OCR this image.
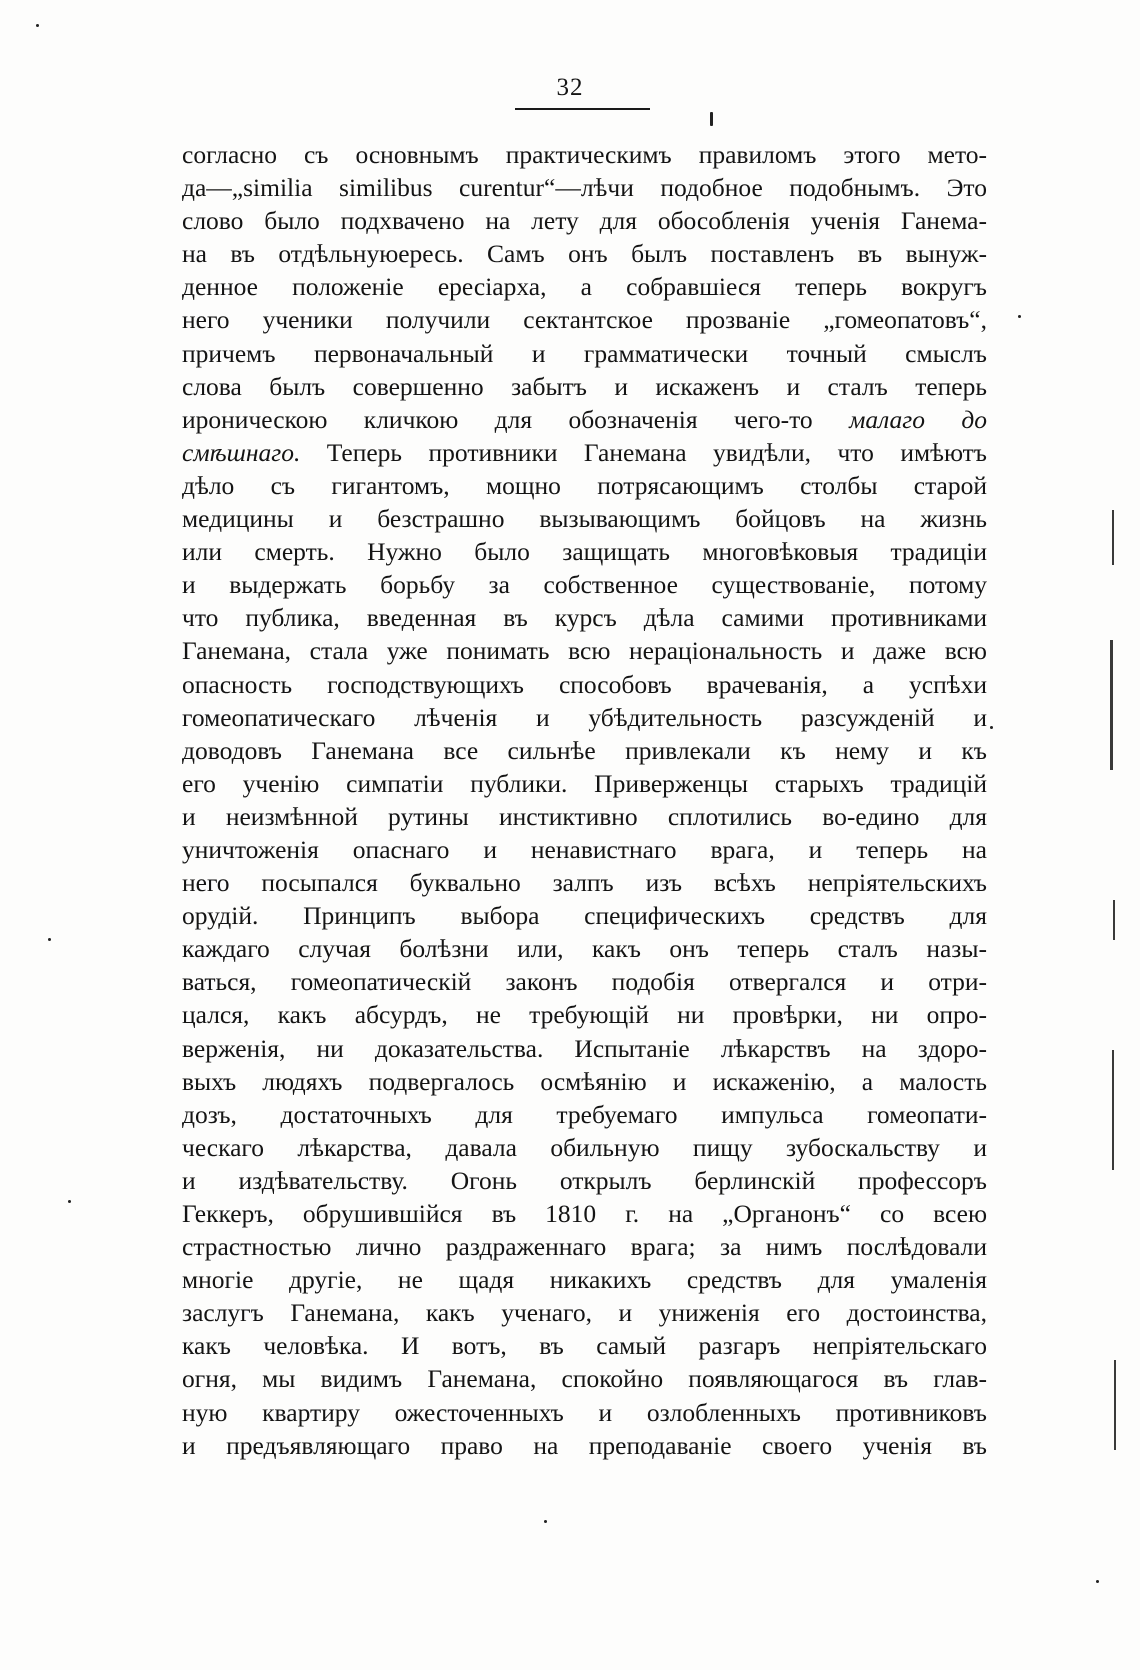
32
согласно съ основнымъ практическимъ правиломъ этого мето-
да—„similia similibus curentur“—лѣчи подобное подобнымъ. Это
слово было подхвачено на лету для обособленія ученія Ганема-
на въ отдѣльнуюересь. Самъ онъ былъ поставленъ въ вынуж-
денное положеніе ересіарха, а собравшіеся теперь вокругъ
него ученики получили сектантское прозваніе „гомеопатовъ“,
причемъ первоначальный и грамматически точный смыслъ
слова былъ совершенно забытъ и искаженъ и сталъ теперь
ироническою кличкою для обозначенія чего-то малаго до
смѣшнаго. Теперь противники Ганемана увидѣли, что имѣютъ
дѣло съ гигантомъ, мощно потрясающимъ столбы старой
медицины и безстрашно вызывающимъ бойцовъ на жизнь
или смерть. Нужно было защищать многовѣковыя традиціи
и выдержать борьбу за собственное существованіе, потому
что публика, введенная въ курсъ дѣла самими противниками
Ганемана, стала уже понимать всю нераціональность и даже всю
опасность господствующихъ способовъ врачеванія, а успѣхи
гомеопатическаго лѣченія и убѣдительность разсужденій и
доводовъ Ганемана все сильнѣе привлекали къ нему и къ
его ученію симпатіи публики. Приверженцы старыхъ традицій
и неизмѣнной рутины инстиктивно сплотились во-едино для
уничтоженія опаснаго и ненавистнаго врага, и теперь на
него посыпался буквально залпъ изъ всѣхъ непріятельскихъ
орудій. Принципъ выбора специфическихъ средствъ для
каждаго случая болѣзни или, какъ онъ теперь сталъ назы-
ваться, гомеопатическій законъ подобія отвергался и отри-
цался, какъ абсурдъ, не требующій ни провѣрки, ни опро-
верженія, ни доказательства. Испытаніе лѣкарствъ на здоро-
выхъ людяхъ подвергалось осмѣянію и искаженію, а малость
дозъ, достаточныхъ для требуемаго импульса гомеопати-
ческаго лѣкарства, давала обильную пищу зубоскальству и
и издѣвательству. Огонь открылъ берлинскій профессоръ
Геккеръ, обрушившійся въ 1810 г. на „Органонъ“ со всею
страстностью лично раздраженнаго врага; за нимъ послѣдовали
многіе другіе, не щадя никакихъ средствъ для умаленія
заслугъ Ганемана, какъ ученаго, и униженія его достоинства,
какъ человѣка. И вотъ, въ самый разгаръ непріятельскаго
огня, мы видимъ Ганемана, спокойно появляющагося въ глав-
ную квартиру ожесточенныхъ и озлобленныхъ противниковъ
и предъявляющаго право на преподаваніе своего ученія въ
